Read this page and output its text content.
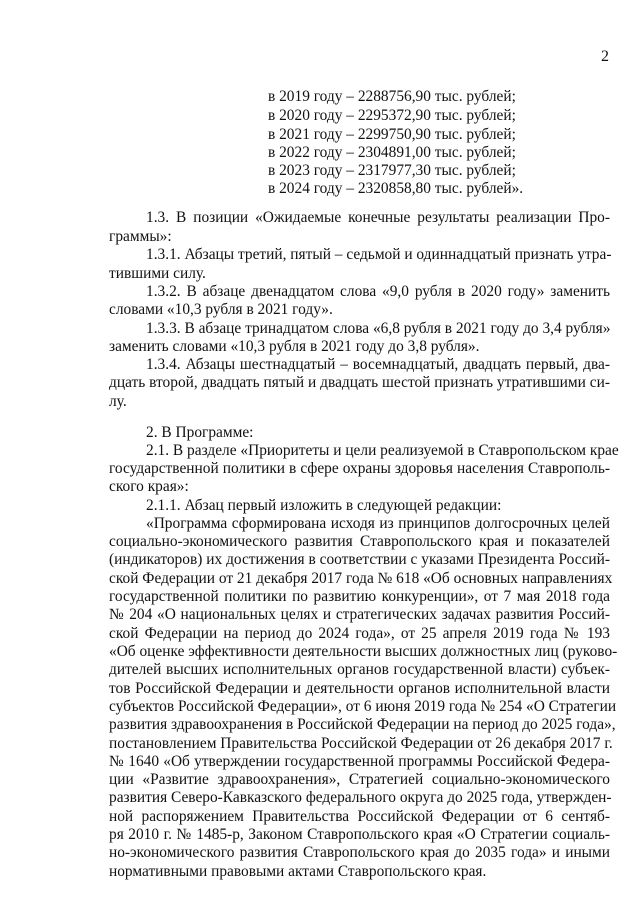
2
в 2019 году – 2288756,90 тыс. рублей;
в 2020 году – 2295372,90 тыс. рублей;
в 2021 году – 2299750,90 тыс. рублей;
в 2022 году – 2304891,00 тыс. рублей;
в 2023 году – 2317977,30 тыс. рублей;
в 2024 году – 2320858,80 тыс. рублей».
1.3. В позиции «Ожидаемые конечные результаты реализации Про-
граммы»:
1.3.1. Абзацы третий, пятый – седьмой и одиннадцатый признать утра-
тившими силу.
1.3.2. В абзаце двенадцатом слова «9,0 рубля в 2020 году» заменить
словами «10,3 рубля в 2021 году».
1.3.3. В абзаце тринадцатом слова «6,8 рубля в 2021 году до 3,4 рубля»
заменить словами «10,3 рубля в 2021 году до 3,8 рубля».
1.3.4. Абзацы шестнадцатый – восемнадцатый, двадцать первый, два-
дцать второй, двадцать пятый и двадцать шестой признать утратившими си-
лу.
2. В Программе:
2.1. В разделе «Приоритеты и цели реализуемой в Ставропольском крае
государственной политики в сфере охраны здоровья населения Ставрополь-
ского края»:
2.1.1. Абзац первый изложить в следующей редакции:
«Программа сформирована исходя из принципов долгосрочных целей
социально-экономического развития Ставропольского края и показателей
(индикаторов) их достижения в соответствии с указами Президента Россий-
ской Федерации от 21 декабря 2017 года № 618 «Об основных направлениях
государственной политики по развитию конкуренции», от 7 мая 2018 года
№ 204 «О национальных целях и стратегических задачах развития Россий-
ской Федерации на период до 2024 года», от 25 апреля 2019 года № 193
«Об оценке эффективности деятельности высших должностных лиц (руково-
дителей высших исполнительных органов государственной власти) субъек-
тов Российской Федерации и деятельности органов исполнительной власти
субъектов Российской Федерации», от 6 июня 2019 года № 254 «О Стратегии
развития здравоохранения в Российской Федерации на период до 2025 года»,
постановлением Правительства Российской Федерации от 26 декабря 2017 г.
№ 1640 «Об утверждении государственной программы Российской Федера-
ции «Развитие здравоохранения», Стратегией социально-экономического
развития Северо-Кавказского федерального округа до 2025 года, утвержден-
ной распоряжением Правительства Российской Федерации от 6 сентяб-
ря 2010 г. № 1485-р, Законом Ставропольского края «О Стратегии социаль-
но-экономического развития Ставропольского края до 2035 года» и иными
нормативными правовыми актами Ставропольского края.
